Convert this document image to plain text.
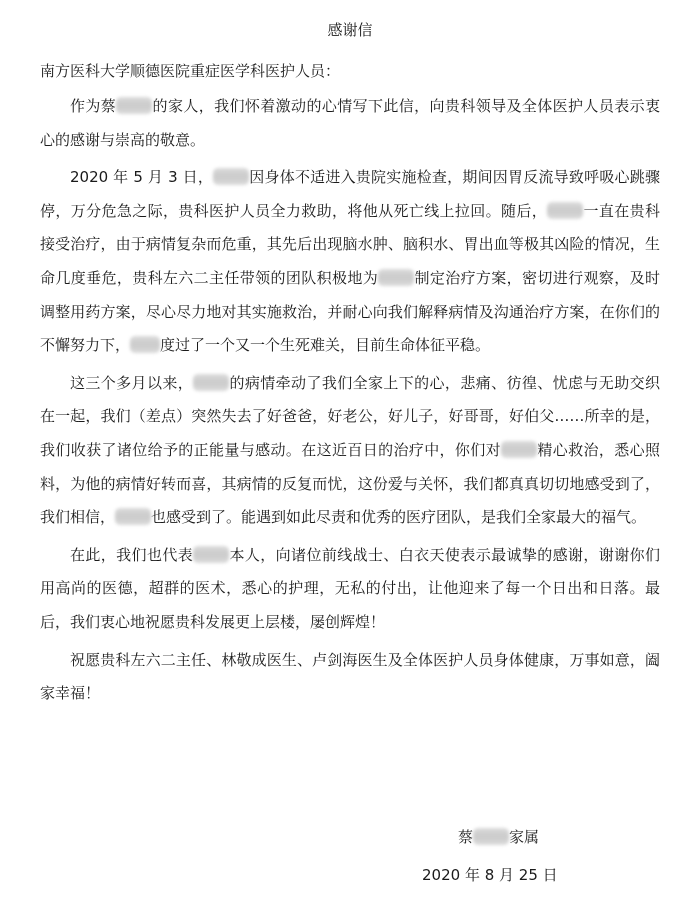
感谢信
南方医科大学顺德医院重症医学科医护人员：

作为蔡 的家人，我们怀着激动的心情写下此信，向贵科领导及全体医护人员表示衷心的感谢与崇高的敬意。

2020 年 5 月 3 日， 因身体不适进入贵院实施检查，期间因胃反流导致呼吸心跳骤停，万分危急之际，贵科医护人员全力救助，将他从死亡线上拉回。随后， 一直在贵科接受治疗，由于病情复杂而危重，其先后出现脑水肿、脑积水、胃出血等极其凶险的情况，生命几度垂危，贵科左六二主任带领的团队积极地为 制定治疗方案，密切进行观察，及时调整用药方案，尽心尽力地对其实施救治，并耐心向我们解释病情及沟通治疗方案，在你们的不懈努力下， 度过了一个又一个生死难关，目前生命体征平稳。

这三个多月以来， 的病情牵动了我们全家上下的心，悲痛、彷徨、忧虑与无助交织在一起，我们（差点）突然失去了好爸爸，好老公，好儿子，好哥哥，好伯父……所幸的是，我们收获了诸位给予的正能量与感动。在这近百日的治疗中，你们对 精心救治，悉心照料，为他的病情好转而喜，其病情的反复而忧，这份爱与关怀，我们都真真切切地感受到了，我们相信， 也感受到了。能遇到如此尽责和优秀的医疗团队，是我们全家最大的福气。

在此，我们也代表 本人，向诸位前线战士、白衣天使表示最诚挚的感谢，谢谢你们用高尚的医德，超群的医术，悉心的护理，无私的付出，让他迎来了每一个日出和日落。最后，我们衷心地祝愿贵科发展更上层楼，屡创辉煌！

祝愿贵科左六二主任、林敬成医生、卢剑海医生及全体医护人员身体健康，万事如意，阖家幸福！

蔡 家属
2020 年 8 月 25 日
